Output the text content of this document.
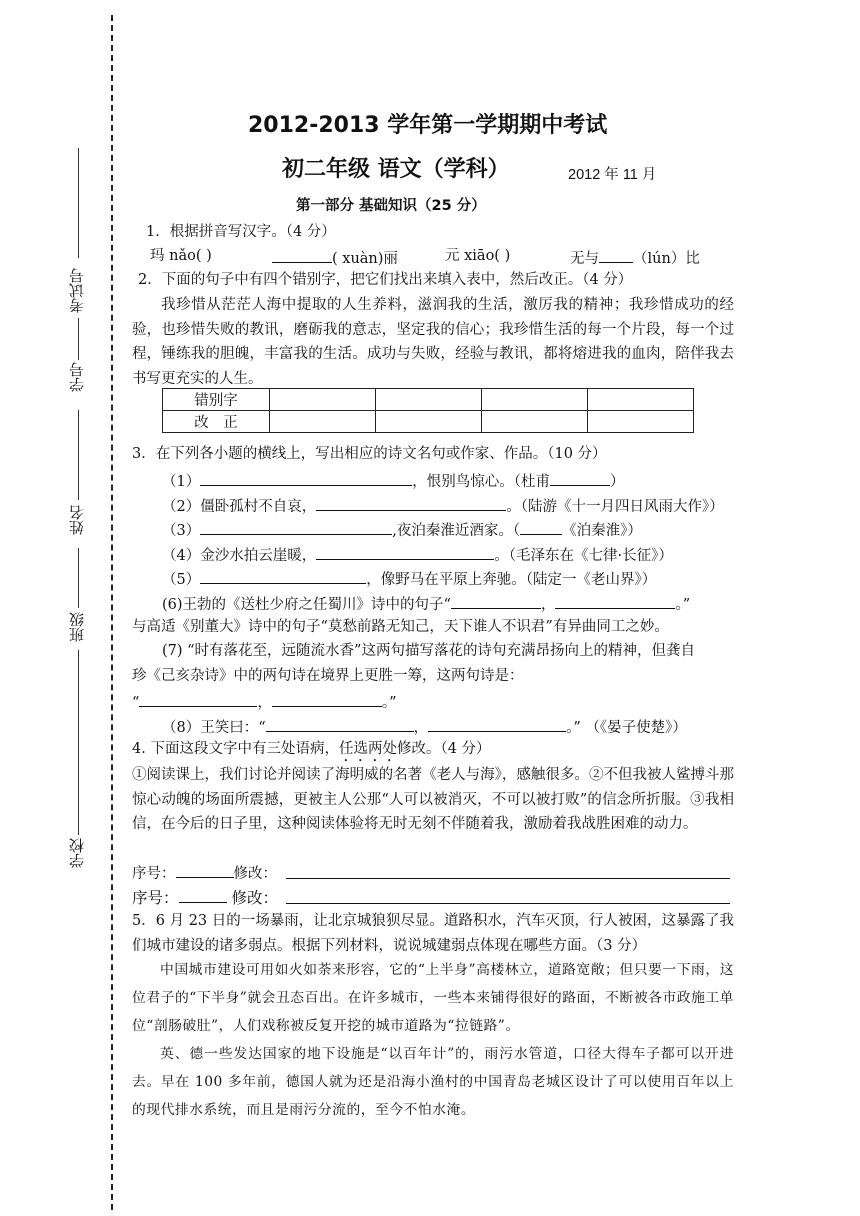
考试号
学号
姓名
班级
学校
2012-2013 学年第一学期期中考试
初二年级 语文（学科）	2012 年 11 月
第一部分 基础知识（25 分）
1．根据拼音写汉字。（4 分）
玛 nǎo( )	( xuàn)丽	元 xiāo( )	无与 （lún）比
2．下面的句子中有四个错别字，把它们找出来填入表中，然后改正。（4 分）
我珍惜从茫茫人海中提取的人生养料，滋润我的生活，激厉我的精神；我珍惜成功的经验，也珍惜失败的教讯，磨砺我的意志，坚定我的信心；我珍惜生活的每一个片段，每一个过程，锤练我的胆魄，丰富我的生活。成功与失败，经验与教讯，都将熔进我的血肉，陪伴我去书写更充实的人生。
错别字				
改　正				
3．在下列各小题的横线上，写出相应的诗文名句或作家、作品。（10 分）
（1）	，恨别鸟惊心。（杜甫	）
（2）僵卧孤村不自哀，	。（陆游《十一月四日风雨大作》）
（3）	,夜泊秦淮近酒家。（	《泊秦淮》）
（4）金沙水拍云崖暖，	。（毛泽东在《七律·长征》）
（5）	，像野马在平原上奔驰。（陆定一《老山界》）
(6)王勃的《送杜少府之任蜀川》诗中的句子“	，	。”
与高适《别董大》诗中的句子“莫愁前路无知己，天下谁人不识君”有异曲同工之妙。
(7) “时有落花至，远随流水香”这两句描写落花的诗句充满昂扬向上的精神，但龚自
珍《己亥杂诗》中的两句诗在境界上更胜一筹，这两句诗是：
“	，	。”
（8）王笑曰：“	，	。” （《晏子使楚》）
4. 下面这段文字中有三处语病，任选两处修改。（4 分）
①阅读课上，我们讨论并阅读了海明威的名著《老人与海》，感触很多。②不但我被人鲨搏斗那惊心动魄的场面所震撼，更被主人公那“人可以被消灭，不可以被打败”的信念所折服。③我相信，在今后的日子里，这种阅读体验将无时无刻不伴随着我，激励着我战胜困难的动力。
序号：	修改：
序号：	修改：
5．6 月 23 日的一场暴雨，让北京城狼狈尽显。道路积水，汽车灭顶，行人被困，这暴露了我们城市建设的诸多弱点。根据下列材料，说说城建弱点体现在哪些方面。（3 分）
中国城市建设可用如火如荼来形容，它的“上半身”高楼林立，道路宽敞；但只要一下雨，这位君子的“下半身”就会丑态百出。在许多城市，一些本来铺得很好的路面，不断被各市政施工单位“剖肠破肚”，人们戏称被反复开挖的城市道路为“拉链路”。
英、德一些发达国家的地下设施是“以百年计”的，雨污水管道，口径大得车子都可以开进去。早在 100 多年前，德国人就为还是沿海小渔村的中国青岛老城区设计了可以使用百年以上的现代排水系统，而且是雨污分流的，至今不怕水淹。
